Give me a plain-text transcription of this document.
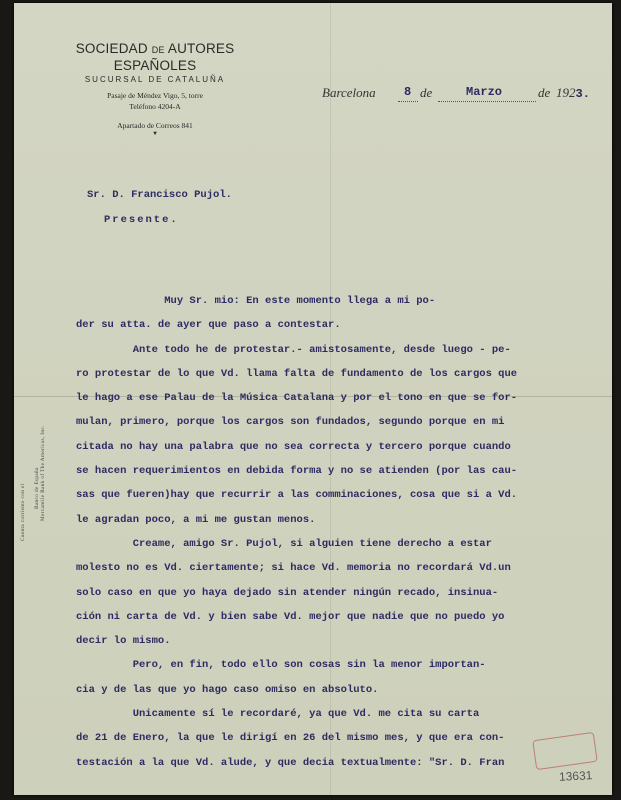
SOCIEDAD DE AUTORES ESPAÑOLES
SUCURSAL DE CATALUÑA
Pasaje de Méndez Vigo, 5, torre
Teléfono 4204-A
Apartado de Correos 841
▼
Cuenta corriente con el Banco de España Mercantile Bank of The Americas, Inc.
Barcelona 8 de	Marzo	de 1923.
Sr. D. Francisco Pujol.
Presente.

Muy Sr. mio: En este momento llega a mi po-

der su atta. de ayer que paso a contestar.

Ante todo he de protestar.- amistosamente, desde luego - pe-

ro protestar de lo que Vd. llama falta de fundamento de los cargos que

le hago a ese Palau de la Música Catalana y por el tono en que se for-

mulan, primero, porque los cargos son fundados, segundo porque en mi

citada no hay una palabra que no sea correcta y tercero porque cuando

se hacen requerimientos en debida forma y no se atienden (por las cau-

sas que fueren)hay que recurrir a las comminaciones, cosa que si a Vd.

le agradan poco, a mi me gustan menos.

Creame, amigo Sr. Pujol, si alguien tiene derecho a estar

molesto no es Vd. ciertamente; si hace Vd. memoria no recordará Vd.un

solo caso en que yo haya dejado sin atender ningún recado, insinua-

ción ni carta de Vd. y bien sabe Vd. mejor que nadie que no puedo yo

decir lo mismo.

Pero, en fin, todo ello son cosas sin la menor importan-

cia y de las que yo hago caso omiso en absoluto.

Unicamente sí le recordaré, ya que Vd. me cita su carta

de 21 de Enero, la que le dirigí en 26 del mismo mes, y que era con-

testación a la que Vd. alude, y que decia textualmente: "Sr. D. Fran

13631
